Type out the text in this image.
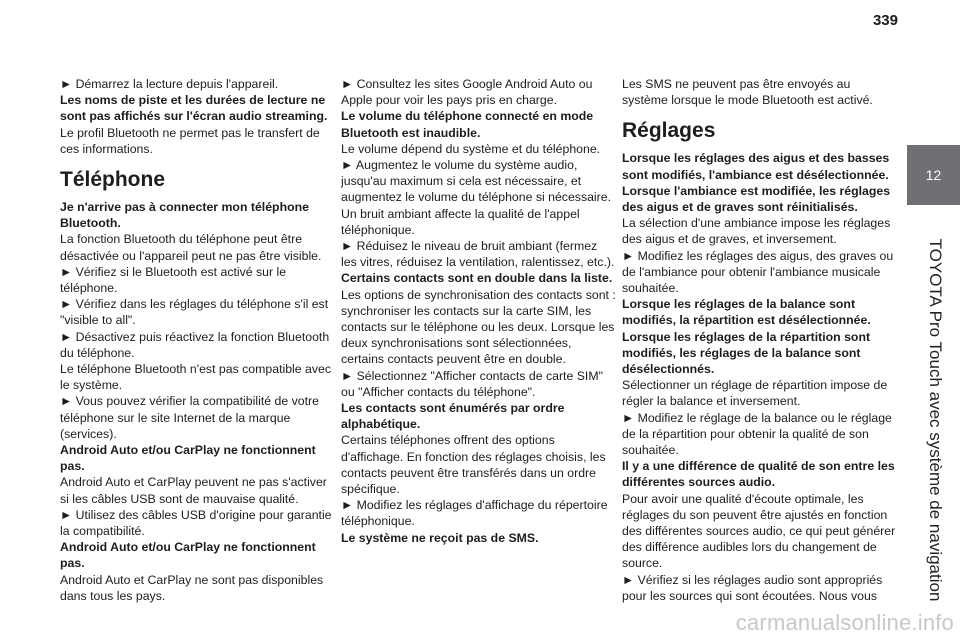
339
12
TOYOTA Pro Touch avec système de navigation

► Démarrez la lecture depuis l'appareil.

Les noms de piste et les durées de lecture ne sont pas affichés sur l'écran audio streaming.

Le profil Bluetooth ne permet pas le transfert de ces informations.

Téléphone

Je n'arrive pas à connecter mon téléphone Bluetooth.

La fonction Bluetooth du téléphone peut être désactivée ou l'appareil peut ne pas être visible.

► Vérifiez si le Bluetooth est activé sur le téléphone.

► Vérifiez dans les réglages du téléphone s'il est "visible to all".

► Désactivez puis réactivez la fonction Bluetooth du téléphone.

Le téléphone Bluetooth n'est pas compatible avec le système.

► Vous pouvez vérifier la compatibilité de votre téléphone sur le site Internet de la marque (services).

Android Auto et/ou CarPlay ne fonctionnent pas.

Android Auto et CarPlay peuvent ne pas s'activer si les câbles USB sont de mauvaise qualité.

► Utilisez des câbles USB d'origine pour garantie la compatibilité.

Android Auto et/ou CarPlay ne fonctionnent pas.

Android Auto et CarPlay ne sont pas disponibles dans tous les pays.

► Consultez les sites Google Android Auto ou Apple pour voir les pays pris en charge.

Le volume du téléphone connecté en mode Bluetooth est inaudible.

Le volume dépend du système et du téléphone.

► Augmentez le volume du système audio, jusqu'au maximum si cela est nécessaire, et augmentez le volume du téléphone si nécessaire.

Un bruit ambiant affecte la qualité de l'appel téléphonique.

► Réduisez le niveau de bruit ambiant (fermez les vitres, réduisez la ventilation, ralentissez, etc.).

Certains contacts sont en double dans la liste.

Les options de synchronisation des contacts sont : synchroniser les contacts sur la carte SIM, les contacts sur le téléphone ou les deux. Lorsque les deux synchronisations sont sélectionnées, certains contacts peuvent être en double.

► Sélectionnez "Afficher contacts de carte SIM" ou "Afficher contacts du téléphone".

Les contacts sont énumérés par ordre alphabétique.

Certains téléphones offrent des options d'affichage. En fonction des réglages choisis, les contacts peuvent être transférés dans un ordre spécifique.

► Modifiez les réglages d'affichage du répertoire téléphonique.

Le système ne reçoit pas de SMS.

Les SMS ne peuvent pas être envoyés au système lorsque le mode Bluetooth est activé.

Réglages

Lorsque les réglages des aigus et des basses sont modifiés, l'ambiance est désélectionnée.

Lorsque l'ambiance est modifiée, les réglages des aigus et de graves sont réinitialisés.

La sélection d'une ambiance impose les réglages des aigus et de graves, et inversement.

► Modifiez les réglages des aigus, des graves ou de l'ambiance pour obtenir l'ambiance musicale souhaitée.

Lorsque les réglages de la balance sont modifiés, la répartition est désélectionnée.

Lorsque les réglages de la répartition sont modifiés, les réglages de la balance sont désélectionnés.

Sélectionner un réglage de répartition impose de régler la balance et inversement.

► Modifiez le réglage de la balance ou le réglage de la répartition pour obtenir la qualité de son souhaitée.

Il y a une différence de qualité de son entre les différentes sources audio.

Pour avoir une qualité d'écoute optimale, les réglages du son peuvent être ajustés en fonction des différentes sources audio, ce qui peut générer des différence audibles lors du changement de source.

► Vérifiez si les réglages audio sont appropriés pour les sources qui sont écoutées. Nous vous

carmanualsonline.info
